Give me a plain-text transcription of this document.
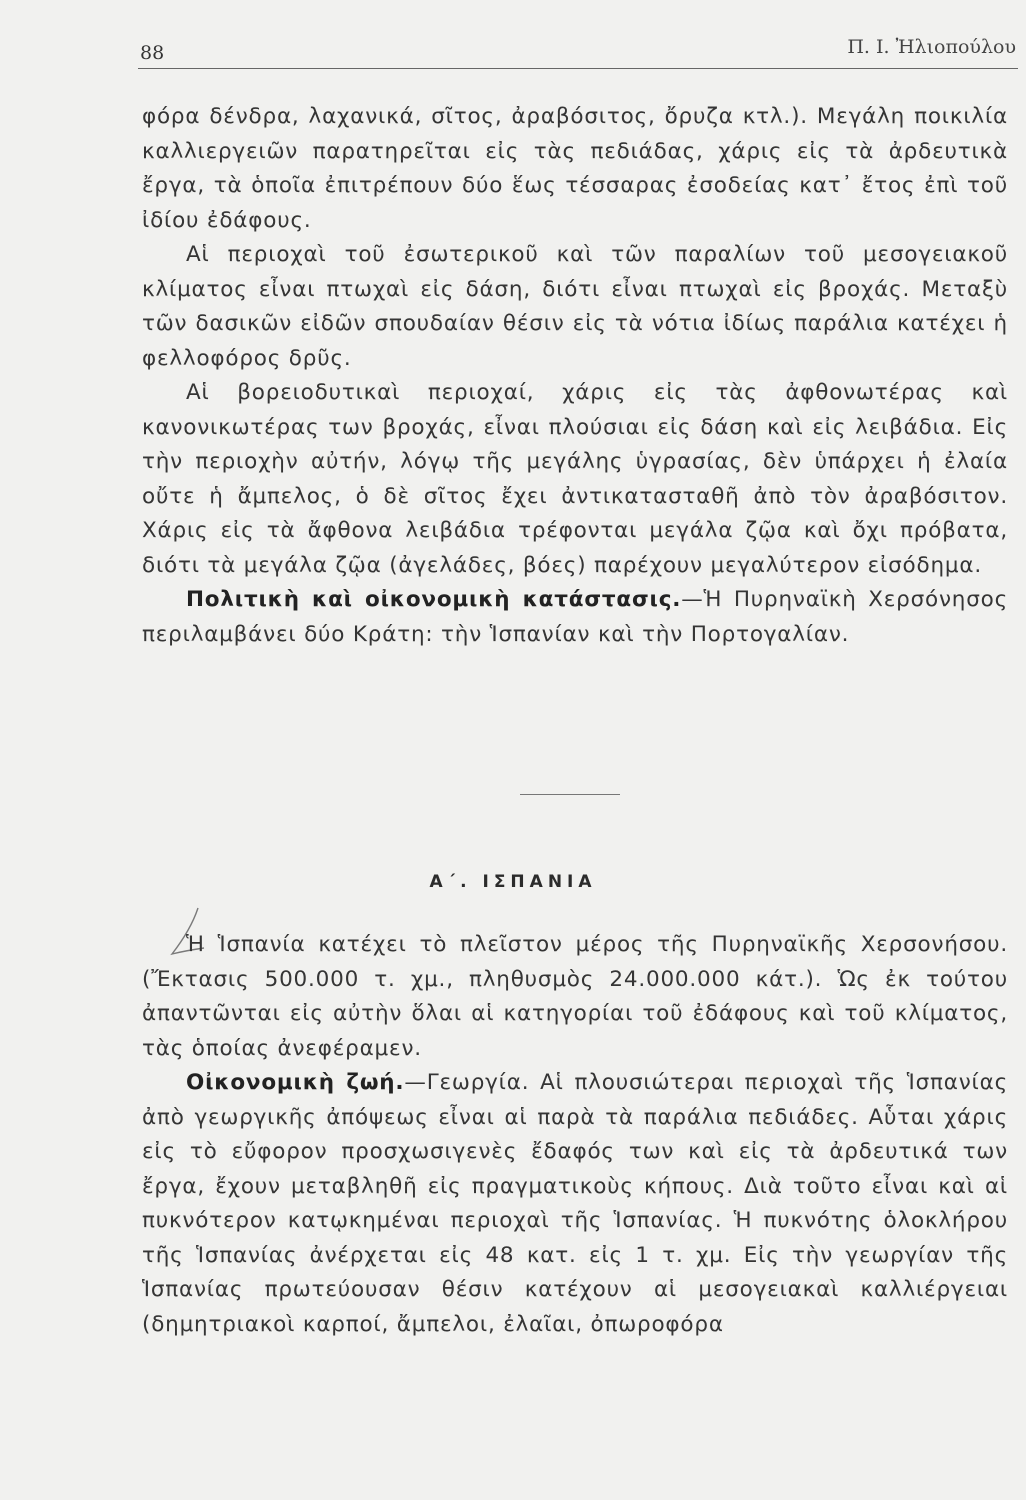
88	Π. Ι. Ἠλιοπούλου

φόρα δένδρα, λαχανικά, σῖτος, ἀραβόσιτος, ὄρυζα κτλ.). Μεγάλη ποικιλία καλλιεργειῶν παρατηρεῖται εἰς τὰς πεδιάδας, χάρις εἰς τὰ ἀρδευτικὰ ἔργα, τὰ ὁποῖα ἐπιτρέπουν δύο ἕως τέσσαρας ἐσοδείας κατ᾽ ἔτος ἐπὶ τοῦ ἰδίου ἐδάφους.

Αἱ περιοχαὶ τοῦ ἐσωτερικοῦ καὶ τῶν παραλίων τοῦ μεσογειακοῦ κλίματος εἶναι πτωχαὶ εἰς δάση, διότι εἶναι πτωχαὶ εἰς βροχάς. Μεταξὺ τῶν δασικῶν εἰδῶν σπουδαίαν θέσιν εἰς τὰ νότια ἰδίως παράλια κατέχει ἡ φελλοφόρος δρῦς.

Αἱ βορειοδυτικαὶ περιοχαί, χάρις εἰς τὰς ἀφθονωτέρας καὶ κανονικωτέρας των βροχάς, εἶναι πλούσιαι εἰς δάση καὶ εἰς λειβάδια. Εἰς τὴν περιοχὴν αὐτήν, λόγῳ τῆς μεγάλης ὑγρασίας, δὲν ὑπάρχει ἡ ἐλαία οὔτε ἡ ἄμπελος, ὁ δὲ σῖτος ἔχει ἀντικατασταθῆ ἀπὸ τὸν ἀραβόσιτον. Χάρις εἰς τὰ ἄφθονα λειβάδια τρέφονται μεγάλα ζῷα καὶ ὄχι πρόβατα, διότι τὰ μεγάλα ζῷα (ἀγελάδες, βόες) παρέχουν μεγαλύτερον εἰσόδημα.

Πολιτικὴ καὶ οἰκονομικὴ κατάστασις.—Ἡ Πυρηναϊκὴ Χερσόνησος περιλαμβάνει δύο Κράτη: τὴν Ἱσπανίαν καὶ τὴν Πορτογαλίαν.

Α΄. ΙΣΠΑΝΙΑ

Ἡ Ἱσπανία κατέχει τὸ πλεῖστον μέρος τῆς Πυρηναϊκῆς Χερσονήσου. (Ἔκτασις 500.000 τ. χμ., πληθυσμὸς 24.000.000 κάτ.). Ὡς ἐκ τούτου ἀπαντῶνται εἰς αὐτὴν ὅλαι αἱ κατηγορίαι τοῦ ἐδάφους καὶ τοῦ κλίματος, τὰς ὁποίας ἀνεφέραμεν.

Οἰκονομικὴ ζωή.—Γεωργία. Αἱ πλουσιώτεραι περιοχαὶ τῆς Ἱσπανίας ἀπὸ γεωργικῆς ἀπόψεως εἶναι αἱ παρὰ τὰ παράλια πεδιάδες. Αὗται χάρις εἰς τὸ εὔφορον προσχωσιγενὲς ἔδαφός των καὶ εἰς τὰ ἀρδευτικά των ἔργα, ἔχουν μεταβληθῆ εἰς πραγματικοὺς κήπους. Διὰ τοῦτο εἶναι καὶ αἱ πυκνότερον κατῳκημέναι περιοχαὶ τῆς Ἱσπανίας. Ἡ πυκνότης ὁλοκλήρου τῆς Ἱσπανίας ἀνέρχεται εἰς 48 κατ. εἰς 1 τ. χμ. Εἰς τὴν γεωργίαν τῆς Ἱσπανίας πρωτεύουσαν θέσιν κατέχουν αἱ μεσογειακαὶ καλλιέργειαι (δημητριακοὶ καρποί, ἄμπελοι, ἐλαῖαι, ὀπωροφόρα
